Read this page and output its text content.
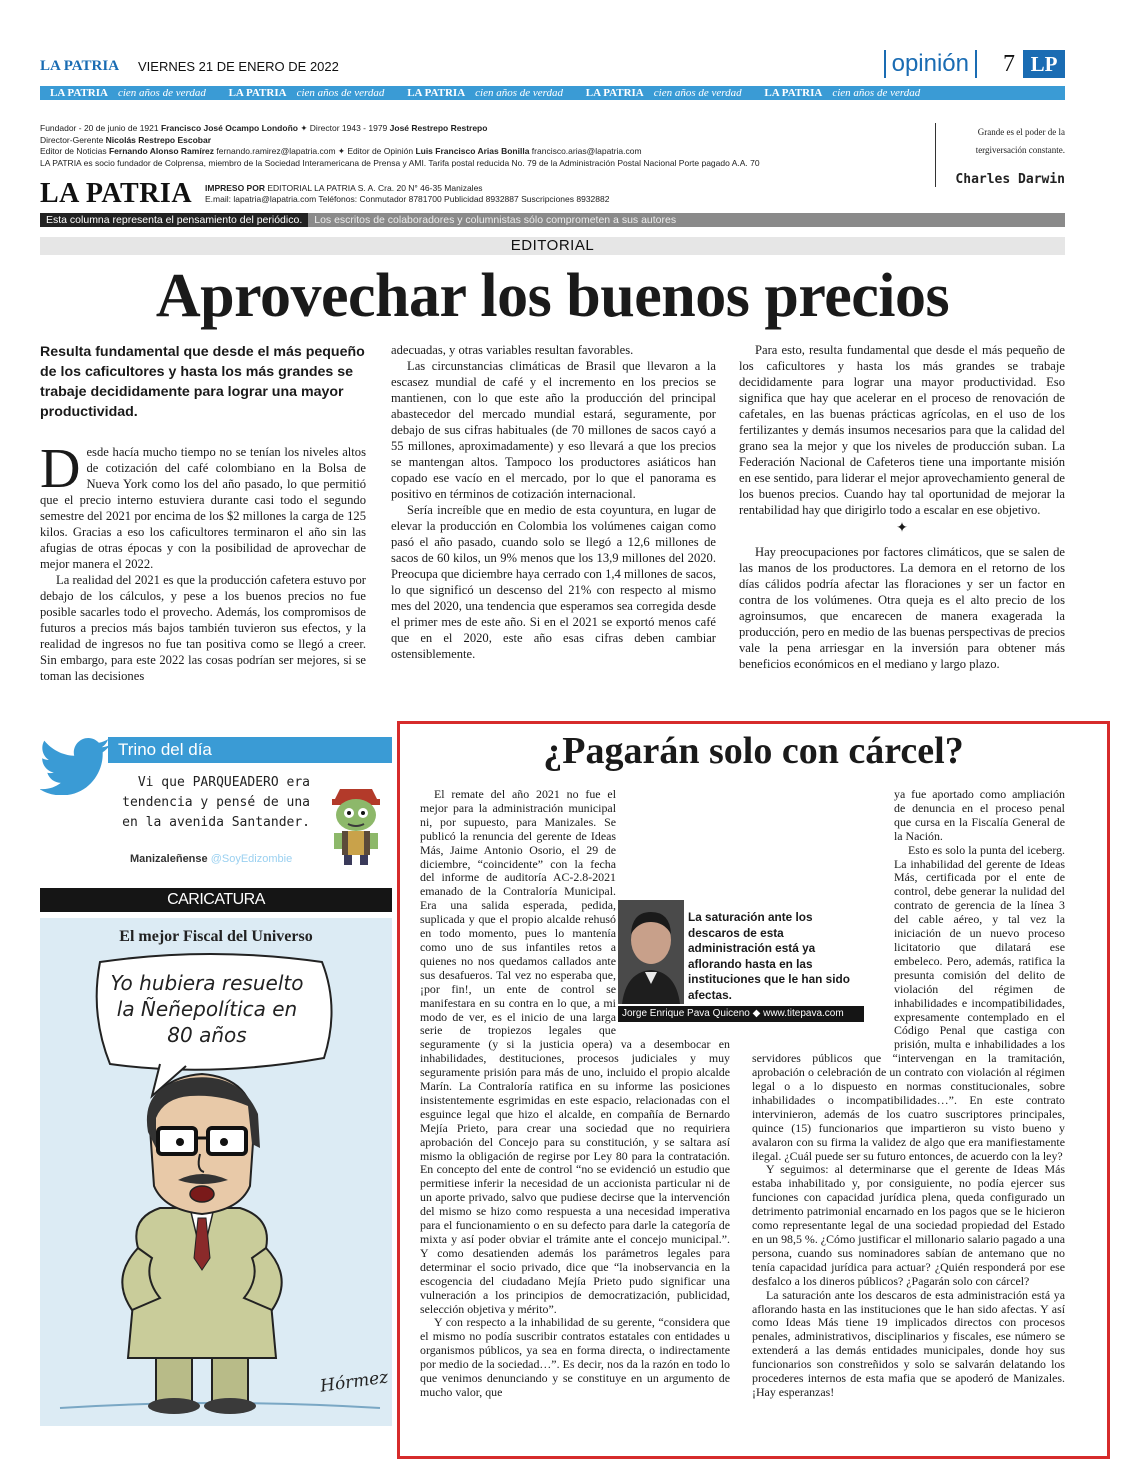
LA PATRIA VIERNES 21 DE ENERO DE 2022	opinión	7 LP
LA PATRIA cien años de verdad LA PATRIA cien años de verdad LA PATRIA cien años de verdad LA PATRIA cien años de verdad LA PATRIA cien años de verdad
Fundador - 20 de junio de 1921 Francisco José Ocampo Londoño ✦ Director 1943 - 1979 José Restrepo Restrepo
Director-Gerente Nicolás Restrepo Escobar
Editor de Noticias Fernando Alonso Ramírez fernando.ramirez@lapatria.com ✦ Editor de Opinión Luis Francisco Arias Bonilla francisco.arias@lapatria.com
LA PATRIA es socio fundador de Colprensa, miembro de la Sociedad Interamericana de Prensa y AMI. Tarifa postal reducida No. 79 de la Administración Postal Nacional Porte pagado A.A. 70
Grande es el poder de la
tergiversación constante.
Charles Darwin
LA PATRIA IMPRESO POR EDITORIAL LA PATRIA S. A. Cra. 20 N° 46-35 Manizales
E.mail: lapatria@lapatria.com Teléfonos: Conmutador 8781700 Publicidad 8932887 Suscripciones 8932882
Esta columna representa el pensamiento del periódico. Los escritos de colaboradores y columnistas sólo comprometen a sus autores
EDITORIAL
Aprovechar los buenos precios
Resulta fundamental que desde el más pequeño de los caficultores y hasta los más grandes se trabaje decididamente para lograr una mayor productividad.

Desde hacía mucho tiempo no se tenían los niveles altos de cotización del café colombiano en la Bolsa de Nueva York como los del año pasado, lo que permitió que el precio interno estuviera durante casi todo el segundo semestre del 2021 por encima de los $2 millones la carga de 125 kilos. Gracias a eso los caficultores terminaron el año sin las afugias de otras épocas y con la posibilidad de aprovechar de mejor manera el 2022.

La realidad del 2021 es que la producción cafetera estuvo por debajo de los cálculos, y pese a los buenos precios no fue posible sacarles todo el provecho. Además, los compromisos de futuros a precios más bajos también tuvieron sus efectos, y la realidad de ingresos no fue tan positiva como se llegó a creer. Sin embargo, para este 2022 las cosas podrían ser mejores, si se toman las decisiones

adecuadas, y otras variables resultan favorables.

Las circunstancias climáticas de Brasil que llevaron a la escasez mundial de café y el incremento en los precios se mantienen, con lo que este año la producción del principal abastecedor del mercado mundial estará, seguramente, por debajo de sus cifras habituales (de 70 millones de sacos cayó a 55 millones, aproximadamente) y eso llevará a que los precios se mantengan altos. Tampoco los productores asiáticos han copado ese vacío en el mercado, por lo que el panorama es positivo en términos de cotización internacional.

Sería increíble que en medio de esta coyuntura, en lugar de elevar la producción en Colombia los volúmenes caigan como pasó el año pasado, cuando solo se llegó a 12,6 millones de sacos de 60 kilos, un 9% menos que los 13,9 millones del 2020. Preocupa que diciembre haya cerrado con 1,4 millones de sacos, lo que significó un descenso del 21% con respecto al mismo mes del 2020, una tendencia que esperamos sea corregida desde el primer mes de este año. Si en el 2021 se exportó menos café que en el 2020, este año esas cifras deben cambiar ostensiblemente.

Para esto, resulta fundamental que desde el más pequeño de los caficultores y hasta los más grandes se trabaje decididamente para lograr una mayor productividad. Eso significa que hay que acelerar en el proceso de renovación de cafetales, en las buenas prácticas agrícolas, en el uso de los fertilizantes y demás insumos necesarios para que la calidad del grano sea la mejor y que los niveles de producción suban. La Federación Nacional de Cafeteros tiene una importante misión en ese sentido, para liderar el mejor aprovechamiento general de los buenos precios. Cuando hay tal oportunidad de mejorar la rentabilidad hay que dirigirlo todo a escalar en ese objetivo.

✦

Hay preocupaciones por factores climáticos, que se salen de las manos de los productores. La demora en el retorno de los días cálidos podría afectar las floraciones y ser un factor en contra de los volúmenes. Otra queja es el alto precio de los agroinsumos, que encarecen de manera exagerada la producción, pero en medio de las buenas perspectivas de precios vale la pena arriesgar en la inversión para obtener más beneficios económicos en el mediano y largo plazo.

Trino del día
Vi que PARQUEADERO era tendencia y pensé de una en la avenida Santander.
Manizaleñense @SoyEdizombie
CARICATURA
El mejor Fiscal del Universo
Yo hubiera resuelto la Ñeñepolítica en 80 años
Hórmez
¿Pagarán solo con cárcel?

El remate del año 2021 no fue el mejor para la administración municipal ni, por supuesto, para Manizales. Se publicó la renuncia del gerente de Ideas Más, Jaime Antonio Osorio, el 29 de diciembre, “coincidente” con la fecha del informe de auditoría AC-2.8-2021 emanado de la Contraloría Municipal. Era una salida esperada, pedida, suplicada y que el propio alcalde rehusó en todo momento, pues lo mantenía como uno de sus infantiles retos a quienes no nos quedamos callados ante sus desafueros. Tal vez no esperaba que, ¡por fin!, un ente de control se manifestara en su contra en lo que, a mi modo de ver, es el inicio de una larga serie de tropiezos legales que seguramente (y si la justicia opera) va a desembocar en inhabilidades, destituciones, procesos judiciales y muy seguramente prisión para más de uno, incluido el propio alcalde Marín. La Contraloría ratifica en su informe las posiciones insistentemente esgrimidas en este espacio, relacionadas con el esguince legal que hizo el alcalde, en compañía de Bernardo Mejía Prieto, para crear una sociedad que no requiriera aprobación del Concejo para su constitución, y se saltara así mismo la obligación de regirse por Ley 80 para la contratación. En concepto del ente de control “no se evidenció un estudio que permitiese inferir la necesidad de un accionista particular ni de un aporte privado, salvo que pudiese decirse que la intervención del mismo se hizo como respuesta a una necesidad imperativa para el funcionamiento o en su defecto para darle la categoría de mixta y así poder obviar el trámite ante el concejo municipal.”. Y como desatienden además los parámetros legales para determinar el socio privado, dice que “la inobservancia en la escogencia del ciudadano Mejía Prieto pudo significar una vulneración a los principios de democratización, publicidad, selección objetiva y mérito”.

Y con respecto a la inhabilidad de su gerente, “considera que el mismo no podía suscribir contratos estatales con entidades u organismos públicos, ya sea en forma directa, o indirectamente por medio de la sociedad…”. Es decir, nos da la razón en todo lo que venimos denunciando y se constituye en un argumento de mucho valor, que

ya fue aportado como ampliación de denuncia en el proceso penal que cursa en la Fiscalía General de la Nación.

Esto es solo la punta del iceberg. La inhabilidad del gerente de Ideas Más, certificada por el ente de control, debe generar la nulidad del contrato de gerencia de la línea 3 del cable aéreo, y tal vez la iniciación de un nuevo proceso licitatorio que dilatará ese embeleco. Pero, además, ratifica la presunta comisión del delito de violación del régimen de inhabilidades e incompatibilidades, expresamente contemplado en el Código Penal que castiga con prisión, multa e inhabilidades a los servidores públicos que “intervengan en la tramitación, aprobación o celebración de un contrato con violación al régimen legal o a lo dispuesto en normas constitucionales, sobre inhabilidades o incompatibilidades…”. En este contrato intervinieron, además de los cuatro suscriptores principales, quince (15) funcionarios que impartieron su visto bueno y avalaron con su firma la validez de algo que era manifiestamente ilegal. ¿Cuál puede ser su futuro entonces, de acuerdo con la ley?

Y seguimos: al determinarse que el gerente de Ideas Más estaba inhabilitado y, por consiguiente, no podía ejercer sus funciones con capacidad jurídica plena, queda configurado un detrimento patrimonial encarnado en los pagos que se le hicieron como representante legal de una sociedad propiedad del Estado en un 98,5 %. ¿Cómo justificar el millonario salario pagado a una persona, cuando sus nominadores sabían de antemano que no tenía capacidad jurídica para actuar? ¿Quién responderá por ese desfalco a los dineros públicos? ¿Pagarán solo con cárcel?

La saturación ante los descaros de esta administración está ya aflorando hasta en las instituciones que le han sido afectas. Y así como Ideas Más tiene 19 implicados directos con procesos penales, administrativos, disciplinarios y fiscales, ese número se extenderá a las demás entidades municipales, donde hoy sus funcionarios son constreñidos y solo se salvarán delatando los procederes internos de esta mafia que se apoderó de Manizales. ¡Hay esperanzas!

La saturación ante los descaros de esta administración está ya aflorando hasta en las instituciones que le han sido afectas.
Jorge Enrique Pava Quiceno ◆ www.titepava.com
